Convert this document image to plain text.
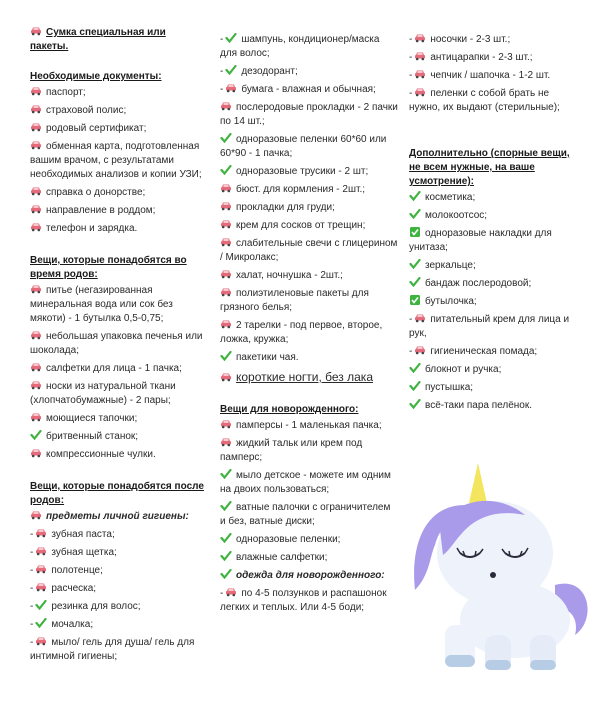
Сумка специальная или пакеты.
Необходимые документы:
паспорт;
страховой полис;
родовый сертификат;
обменная карта, подготовленная вашим врачом, с результатами необходимых анализов и копии УЗИ;
справка о донорстве;
направление в роддом;
телефон и зарядка.
Вещи, которые понадобятся во время родов:
питье (негазированная минеральная вода или сок без мякоти) - 1 бутылка 0,5-0,75;
небольшая упаковка печенья или шоколада;
салфетки для лица - 1 пачка;
носки из натуральной ткани (хлопчатобумажные) - 2 пары;
моющиеся тапочки;
бритвенный станок;
компрессионные чулки.
Вещи, которые понадобятся после родов:
предметы личной гигиены:
- зубная паста;
- зубная щетка;
- полотенце;
- расческа;
- резинка для волос;
- мочалка;
- мыло/ гель для душа/ гель для интимной гигиены;
- шампунь, кондиционер/маска для волос;
- дезодорант;
- бумага - влажная и обычная;
послеродовые прокладки - 2 пачки по 14 шт.;
одноразовые пеленки 60*60 или 60*90 - 1 пачка;
одноразовые трусики - 2 шт;
бюст. для кормления - 2шт.;
прокладки для груди;
крем для сосков от трещин;
слабительные свечи с глицерином / Микролакс;
халат, ночнушка - 2шт.;
полиэтиленовые пакеты для грязного белья;
2 тарелки - под первое, второе, ложка, кружка;
пакетики чая.
короткие ногти, без лака
Вещи для новорожденного:
памперсы - 1 маленькая пачка;
жидкий тальк или крем под памперс;
мыло детское - можете им одним на двоих пользоваться;
ватные палочки с ограничителем и без, ватные диски;
одноразовые пеленки;
влажные салфетки;
одежда для новорожденного:
- по 4-5 ползунков и распашонок легких и теплых. Или 4-5 боди;
- носочки - 2-3 шт.;
- антицарапки - 2-3 шт.;
- чепчик / шапочка - 1-2 шт.
- пеленки с собой брать не нужно, их выдают (стерильные);
Дополнительно (спорные вещи, не всем нужные, на ваше усмотрение):
косметика;
молокоотсос;
одноразовые накладки для унитаза;
зеркальце;
бандаж послеродовой;
бутылочка;
- питательный крем для лица и рук,
- гигиеническая помада;
блокнот и ручка;
пустышка;
всё-таки пара пелёнок.
